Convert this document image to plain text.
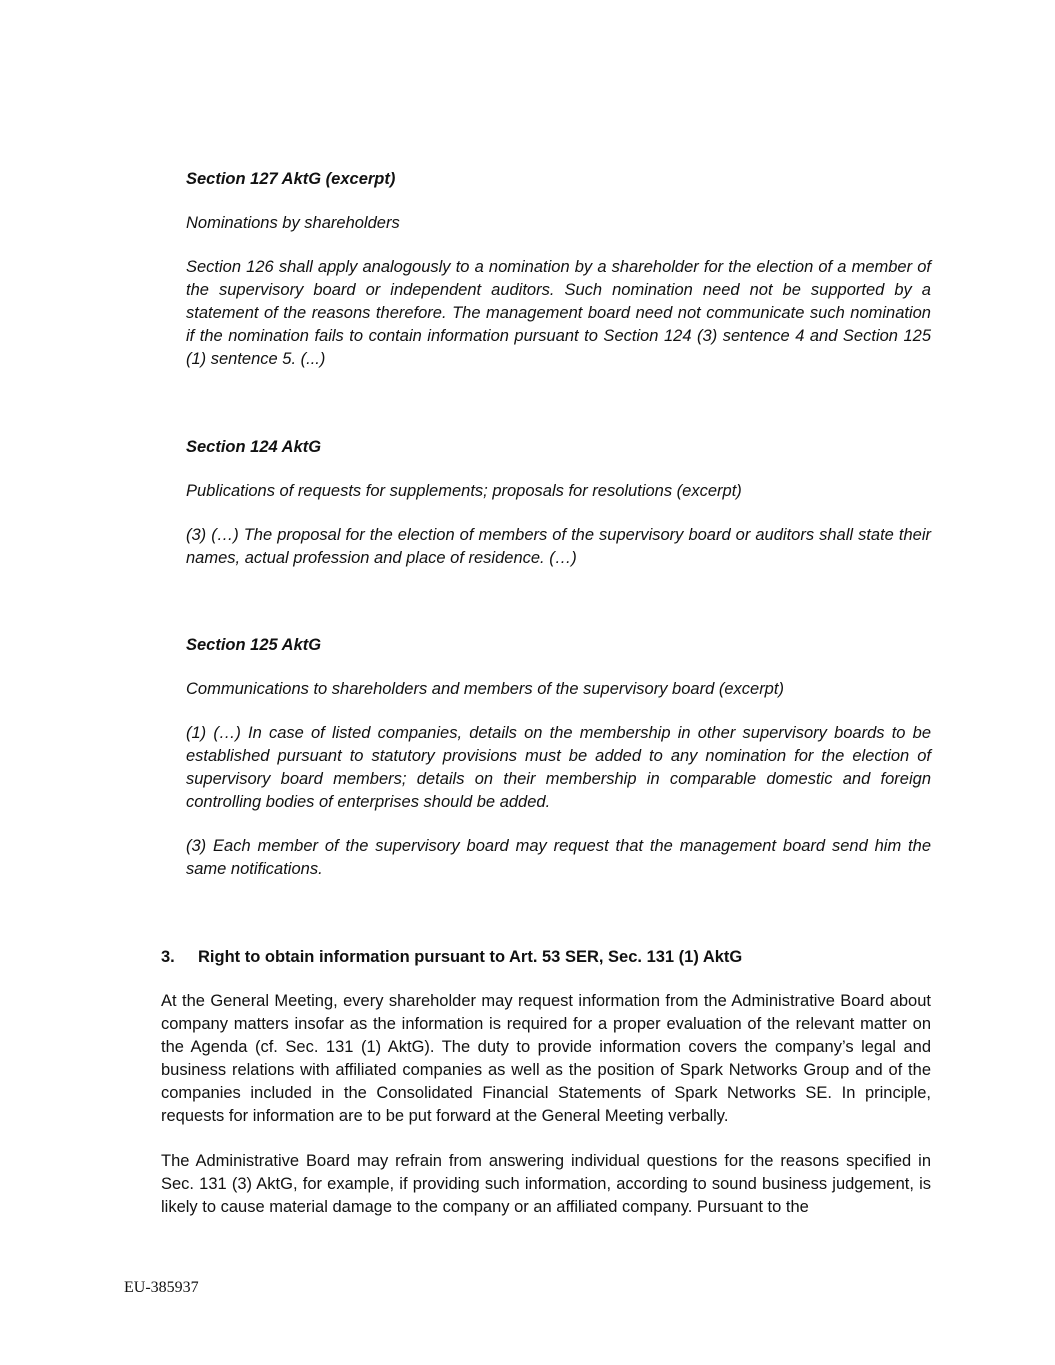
Section 127 AktG (excerpt)

Nominations by shareholders

Section 126 shall apply analogously to a nomination by a shareholder for the election of a member of the supervisory board or independent auditors. Such nomination need not be supported by a statement of the reasons therefore. The management board need not communicate such nomination if the nomination fails to contain information pursuant to Section 124 (3) sentence 4 and Section 125 (1) sentence 5. (...)

Section 124 AktG

Publications of requests for supplements; proposals for resolutions (excerpt)

(3) (…) The proposal for the election of members of the supervisory board or auditors shall state their names, actual profession and place of residence. (…)

Section 125 AktG

Communications to shareholders and members of the supervisory board (excerpt)

(1) (…) In case of listed companies, details on the membership in other supervisory boards to be established pursuant to statutory provisions must be added to any nomination for the election of supervisory board members; details on their membership in comparable domestic and foreign controlling bodies of enterprises should be added.

(3) Each member of the supervisory board may request that the management board send him the same notifications.

3. Right to obtain information pursuant to Art. 53 SER, Sec. 131 (1) AktG

At the General Meeting, every shareholder may request information from the Administrative Board about company matters insofar as the information is required for a proper evaluation of the relevant matter on the Agenda (cf. Sec. 131 (1) AktG). The duty to provide information covers the company’s legal and business relations with affiliated companies as well as the position of Spark Networks Group and of the companies included in the Consolidated Financial Statements of Spark Networks SE. In principle, requests for information are to be put forward at the General Meeting verbally.

The Administrative Board may refrain from answering individual questions for the reasons specified in Sec. 131 (3) AktG, for example, if providing such information, according to sound business judgement, is likely to cause material damage to the company or an affiliated company. Pursuant to the

EU-385937
